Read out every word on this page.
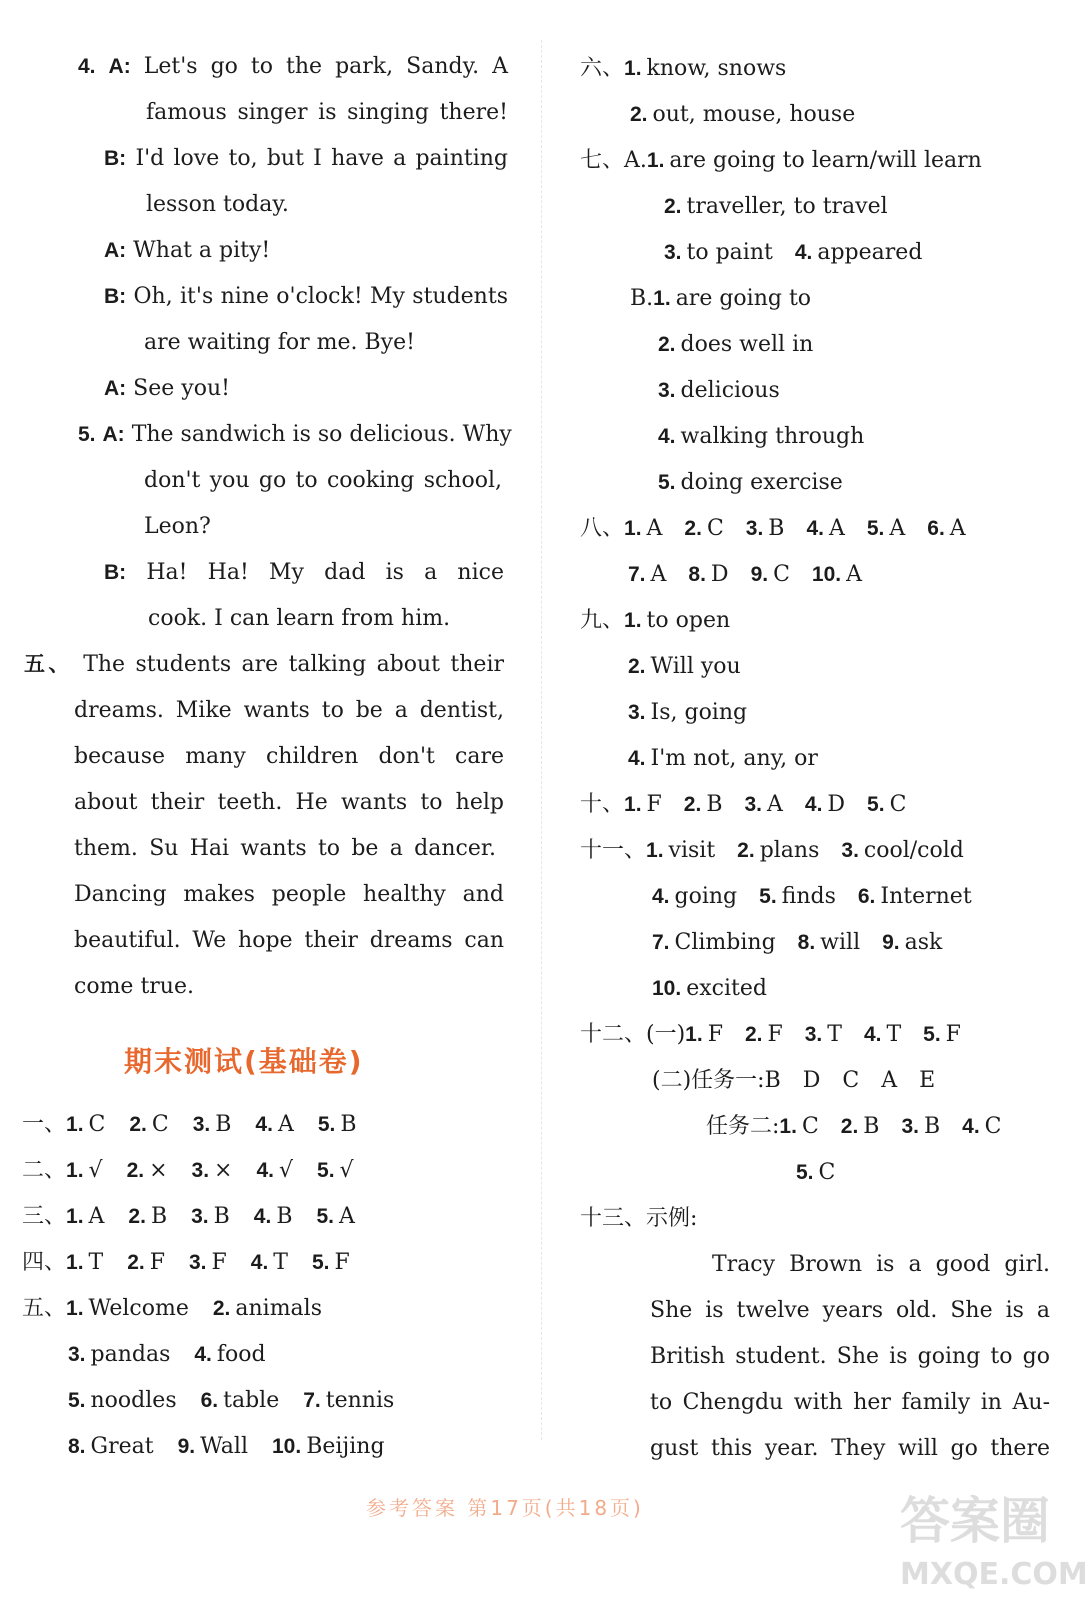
4. A: Let's go to the park, Sandy. A
famous singer is singing there!
B: I'd love to, but I have a painting
lesson today.
A: What a pity!
B: Oh, it's nine o'clock! My students
are waiting for me. Bye!
A: See you!
5. A: The sandwich is so delicious. Why
don't you go to cooking school,
Leon?
B: Ha! Ha! My dad is a nice
cook. I can learn from him.
五、 The students are talking about their
dreams. Mike wants to be a dentist,
because many children don't care
about their teeth. He wants to help
them. Su Hai wants to be a dancer.
Dancing makes people healthy and
beautiful. We hope their dreams can
come true.
期末测试(基础卷)
一、1. C 2. C 3. B 4. A 5. B
二、1. √ 2. × 3. × 4. √ 5. √
三、1. A 2. B 3. B 4. B 5. A
四、1. T 2. F 3. F 4. T 5. F
五、1. Welcome 2. animals
3. pandas 4. food
5. noodles 6. table 7. tennis
8. Great 9. Wall 10. Beijing
六、1. know, snows
2. out, mouse, house
七、A.1. are going to learn/will learn
2. traveller, to travel
3. to paint 4. appeared
B.1. are going to
2. does well in
3. delicious
4. walking through
5. doing exercise
八、1. A 2. C 3. B 4. A 5. A 6. A
7. A 8. D 9. C 10. A
九、1. to open
2. Will you
3. Is, going
4. I'm not, any, or
十、1. F 2. B 3. A 4. D 5. C
十一、1. visit 2. plans 3. cool/cold
4. going 5. finds 6. Internet
7. Climbing 8. will 9. ask
10. excited
十二、(一)1. F 2. F 3. T 4. T 5. F
(二)任务一:B D C A E
任务二:1. C 2. B 3. B 4. C
5. C
十三、示例:
Tracy Brown is a good girl.
She is twelve years old. She is a
British student. She is going to go
to Chengdu with her family in Au-
gust this year. They will go there
参考答案 第17页(共18页)	答案圈
MXQE.COM
